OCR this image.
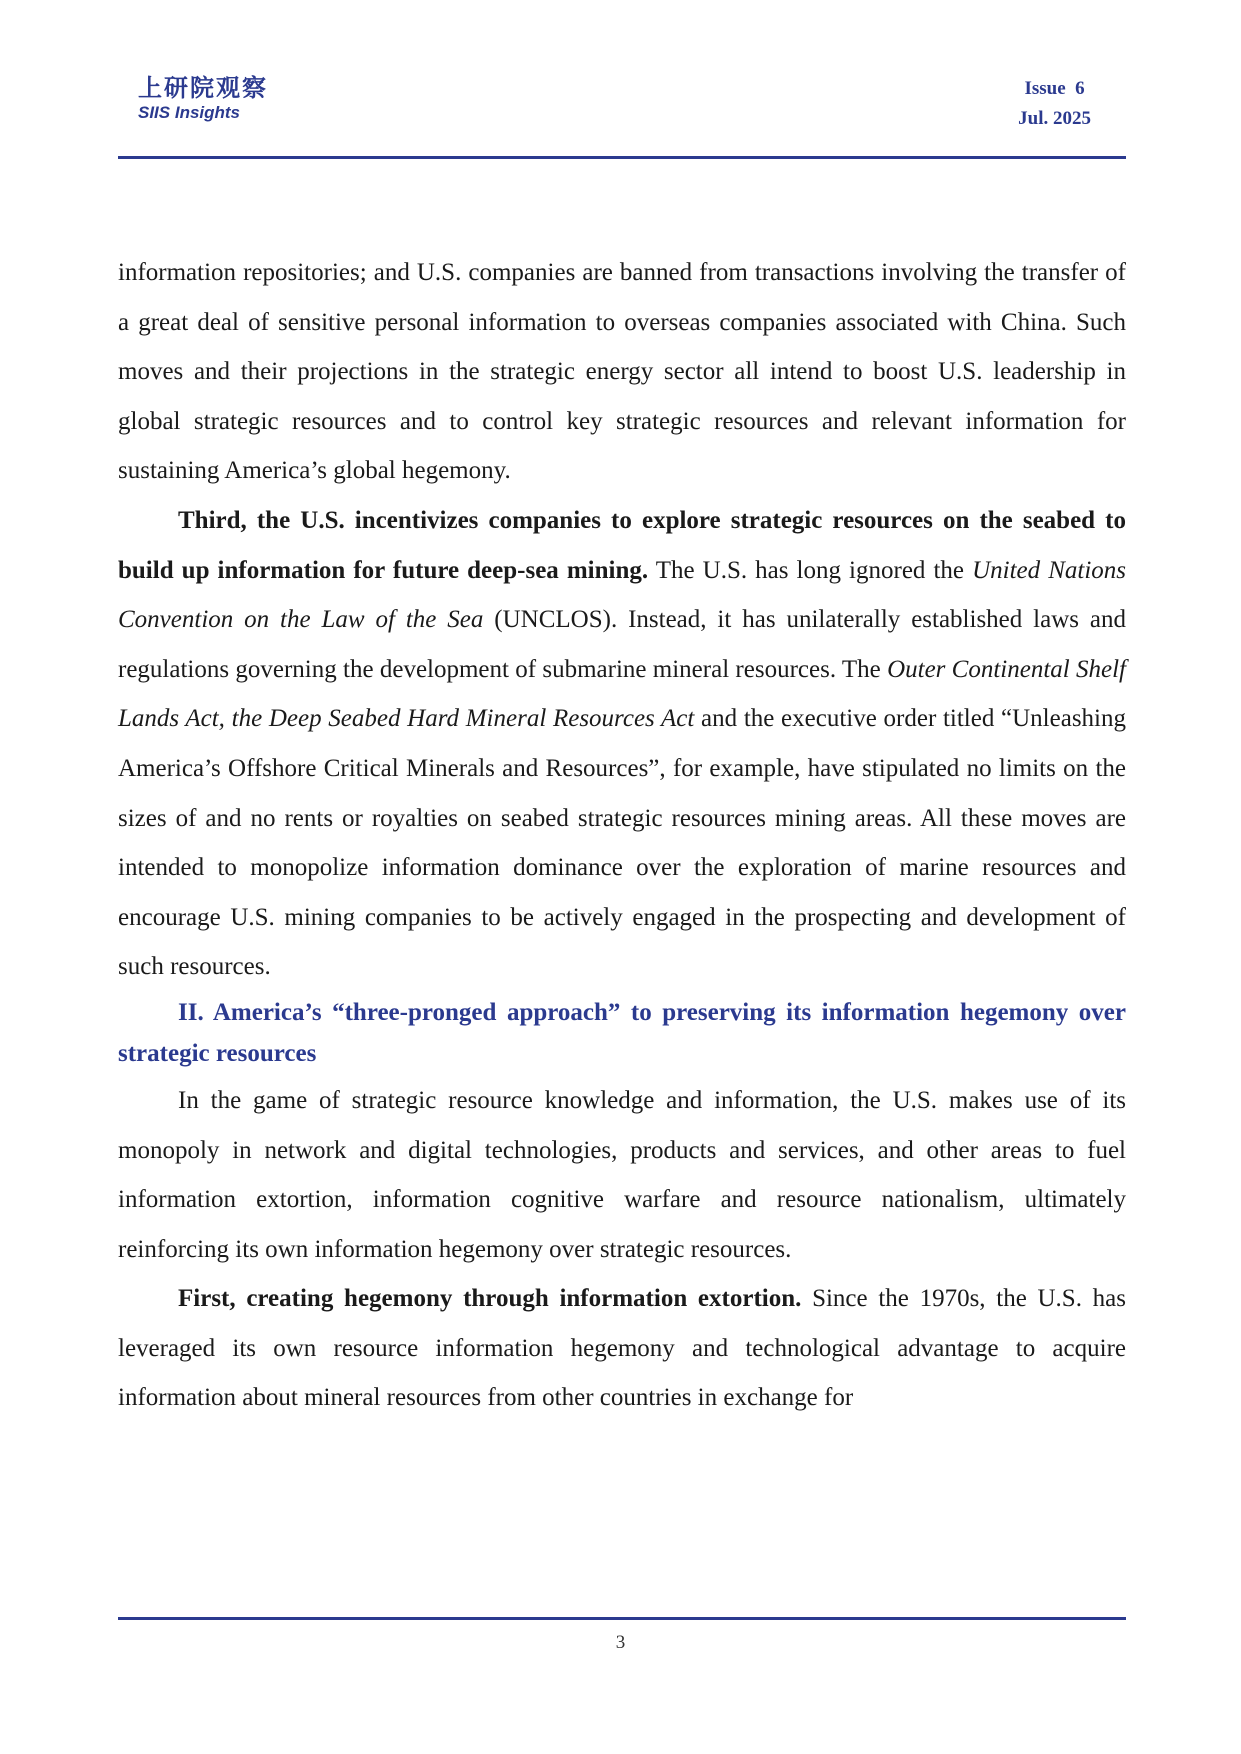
上研院观察
SIIS Insights
Issue  6
Jul. 2025

information repositories; and U.S. companies are banned from transactions involving the transfer of a great deal of sensitive personal information to overseas companies associated with China. Such moves and their projections in the strategic energy sector all intend to boost U.S. leadership in global strategic resources and to control key strategic resources and relevant information for sustaining America’s global hegemony.

Third, the U.S. incentivizes companies to explore strategic resources on the seabed to build up information for future deep-sea mining. The U.S. has long ignored the United Nations Convention on the Law of the Sea (UNCLOS). Instead, it has unilaterally established laws and regulations governing the development of submarine mineral resources. The Outer Continental Shelf Lands Act, the Deep Seabed Hard Mineral Resources Act and the executive order titled “Unleashing America’s Offshore Critical Minerals and Resources”, for example, have stipulated no limits on the sizes of and no rents or royalties on seabed strategic resources mining areas. All these moves are intended to monopolize information dominance over the exploration of marine resources and encourage U.S. mining companies to be actively engaged in the prospecting and development of such resources.

II. America’s “three-pronged approach” to preserving its information hegemony over strategic resources

In the game of strategic resource knowledge and information, the U.S. makes use of its monopoly in network and digital technologies, products and services, and other areas to fuel information extortion, information cognitive warfare and resource nationalism, ultimately reinforcing its own information hegemony over strategic resources.

First, creating hegemony through information extortion. Since the 1970s, the U.S. has leveraged its own resource information hegemony and technological advantage to acquire information about mineral resources from other countries in exchange for

3
